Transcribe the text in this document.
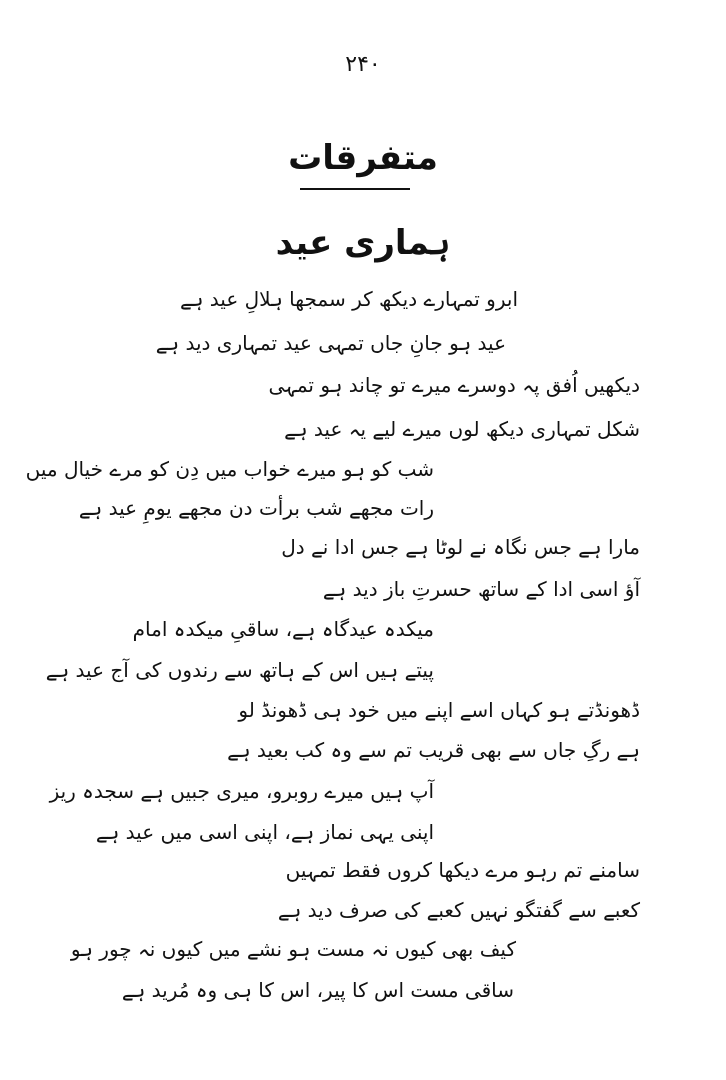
۲۴۰
متفرقات
ہماری عید
ابرو تمہارے دیکھ کر سمجھا ہلالِ عید ہے
عید ہو جانِ جاں تمہی عید تمہاری دید ہے
دیکھیں اُفق پہ دوسرے میرے تو چاند ہو تمہی
شکل تمہاری دیکھ لوں میرے لیے یہ عید ہے
شب کو ہو میرے خواب میں دِن کو مرے خیال میں
رات مجھے شب برأت دن مجھے یومِ عید ہے
مارا ہے جس نگاہ نے لوٹا ہے جس ادا نے دل
آؤ اسی ادا کے ساتھ حسرتِ باز دید ہے
میکدہ عیدگاہ ہے، ساقیِ میکدہ امام
پیتے ہیں اس کے ہاتھ سے رندوں کی آج عید ہے
ڈھونڈتے ہو کہاں اسے اپنے میں خود ہی ڈھونڈ لو
ہے رگِ جاں سے بھی قریب تم سے وہ کب بعید ہے
آپ ہیں میرے روبرو، میری جبیں ہے سجدہ ریز
اپنی یہی نماز ہے، اپنی اسی میں عید ہے
سامنے تم رہو مرے دیکھا کروں فقط تمہیں
کعبے سے گفتگو نہیں کعبے کی صرف دید ہے
کیف بھی کیوں نہ مست ہو نشے میں کیوں نہ چور ہو
ساقی مست اس کا پیر، اس کا ہی وہ مُرید ہے
